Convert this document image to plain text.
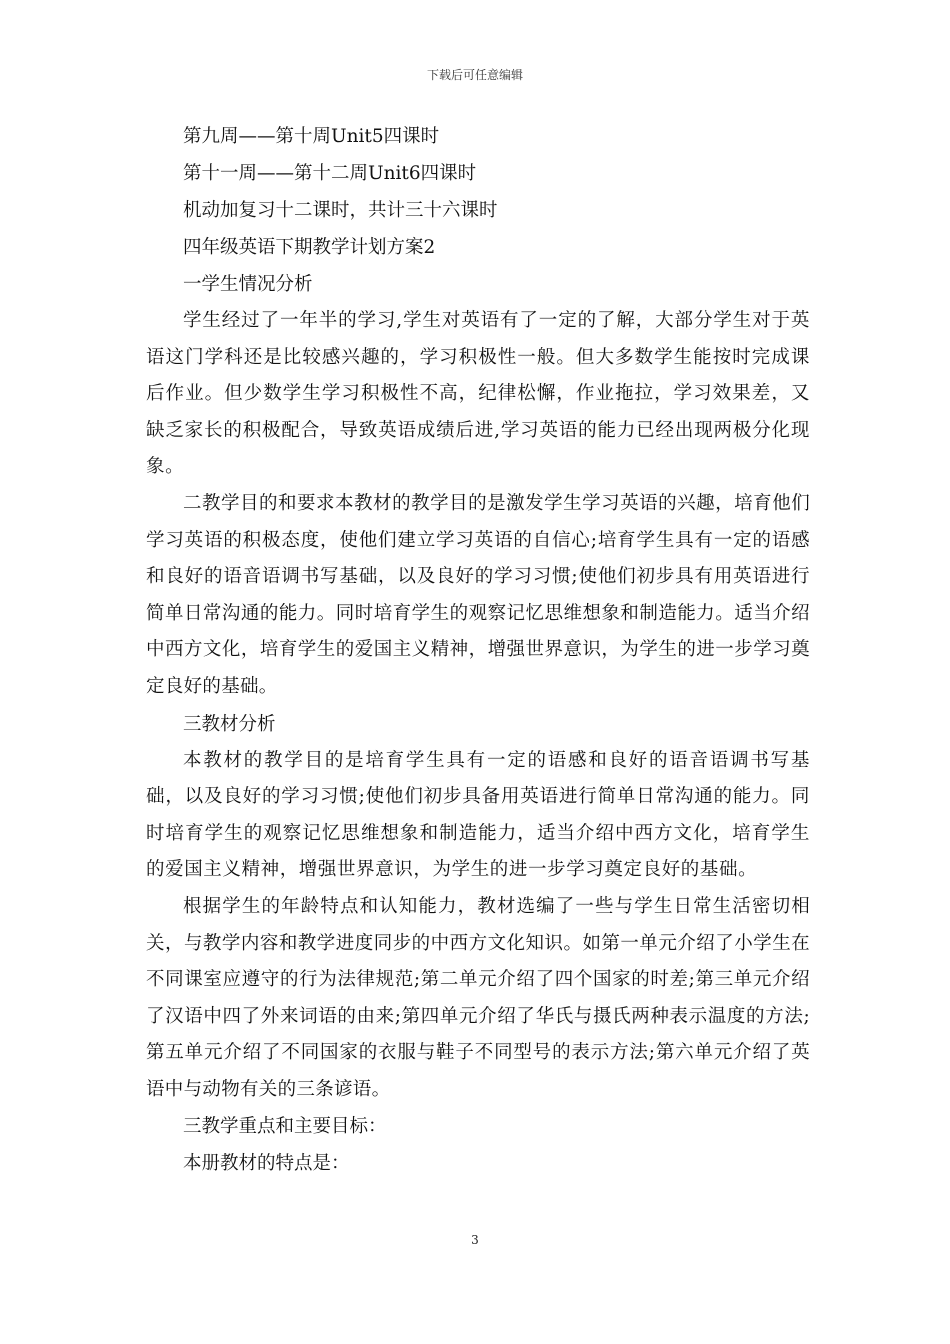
下载后可任意编辑

第九周——第十周Unit5四课时

第十一周——第十二周Unit6四课时

机动加复习十二课时，共计三十六课时

四年级英语下期教学计划方案2

一学生情况分析

学生经过了一年半的学习,学生对英语有了一定的了解，大部分学生对于英语这门学科还是比较感兴趣的，学习积极性一般。但大多数学生能按时完成课后作业。但少数学生学习积极性不高，纪律松懈，作业拖拉，学习效果差，又缺乏家长的积极配合，导致英语成绩后进,学习英语的能力已经出现两极分化现象。

二教学目的和要求本教材的教学目的是激发学生学习英语的兴趣，培育他们学习英语的积极态度，使他们建立学习英语的自信心;培育学生具有一定的语感和良好的语音语调书写基础，以及良好的学习习惯;使他们初步具有用英语进行简单日常沟通的能力。同时培育学生的观察记忆思维想象和制造能力。适当介绍中西方文化，培育学生的爱国主义精神，增强世界意识，为学生的进一步学习奠定良好的基础。

三教材分析

本教材的教学目的是培育学生具有一定的语感和良好的语音语调书写基础，以及良好的学习习惯;使他们初步具备用英语进行简单日常沟通的能力。同时培育学生的观察记忆思维想象和制造能力，适当介绍中西方文化，培育学生的爱国主义精神，增强世界意识，为学生的进一步学习奠定良好的基础。

根据学生的年龄特点和认知能力，教材选编了一些与学生日常生活密切相关，与教学内容和教学进度同步的中西方文化知识。如第一单元介绍了小学生在不同课室应遵守的行为法律规范;第二单元介绍了四个国家的时差;第三单元介绍了汉语中四了外来词语的由来;第四单元介绍了华氏与摄氏两种表示温度的方法;第五单元介绍了不同国家的衣服与鞋子不同型号的表示方法;第六单元介绍了英语中与动物有关的三条谚语。

三教学重点和主要目标：

本册教材的特点是：

3
